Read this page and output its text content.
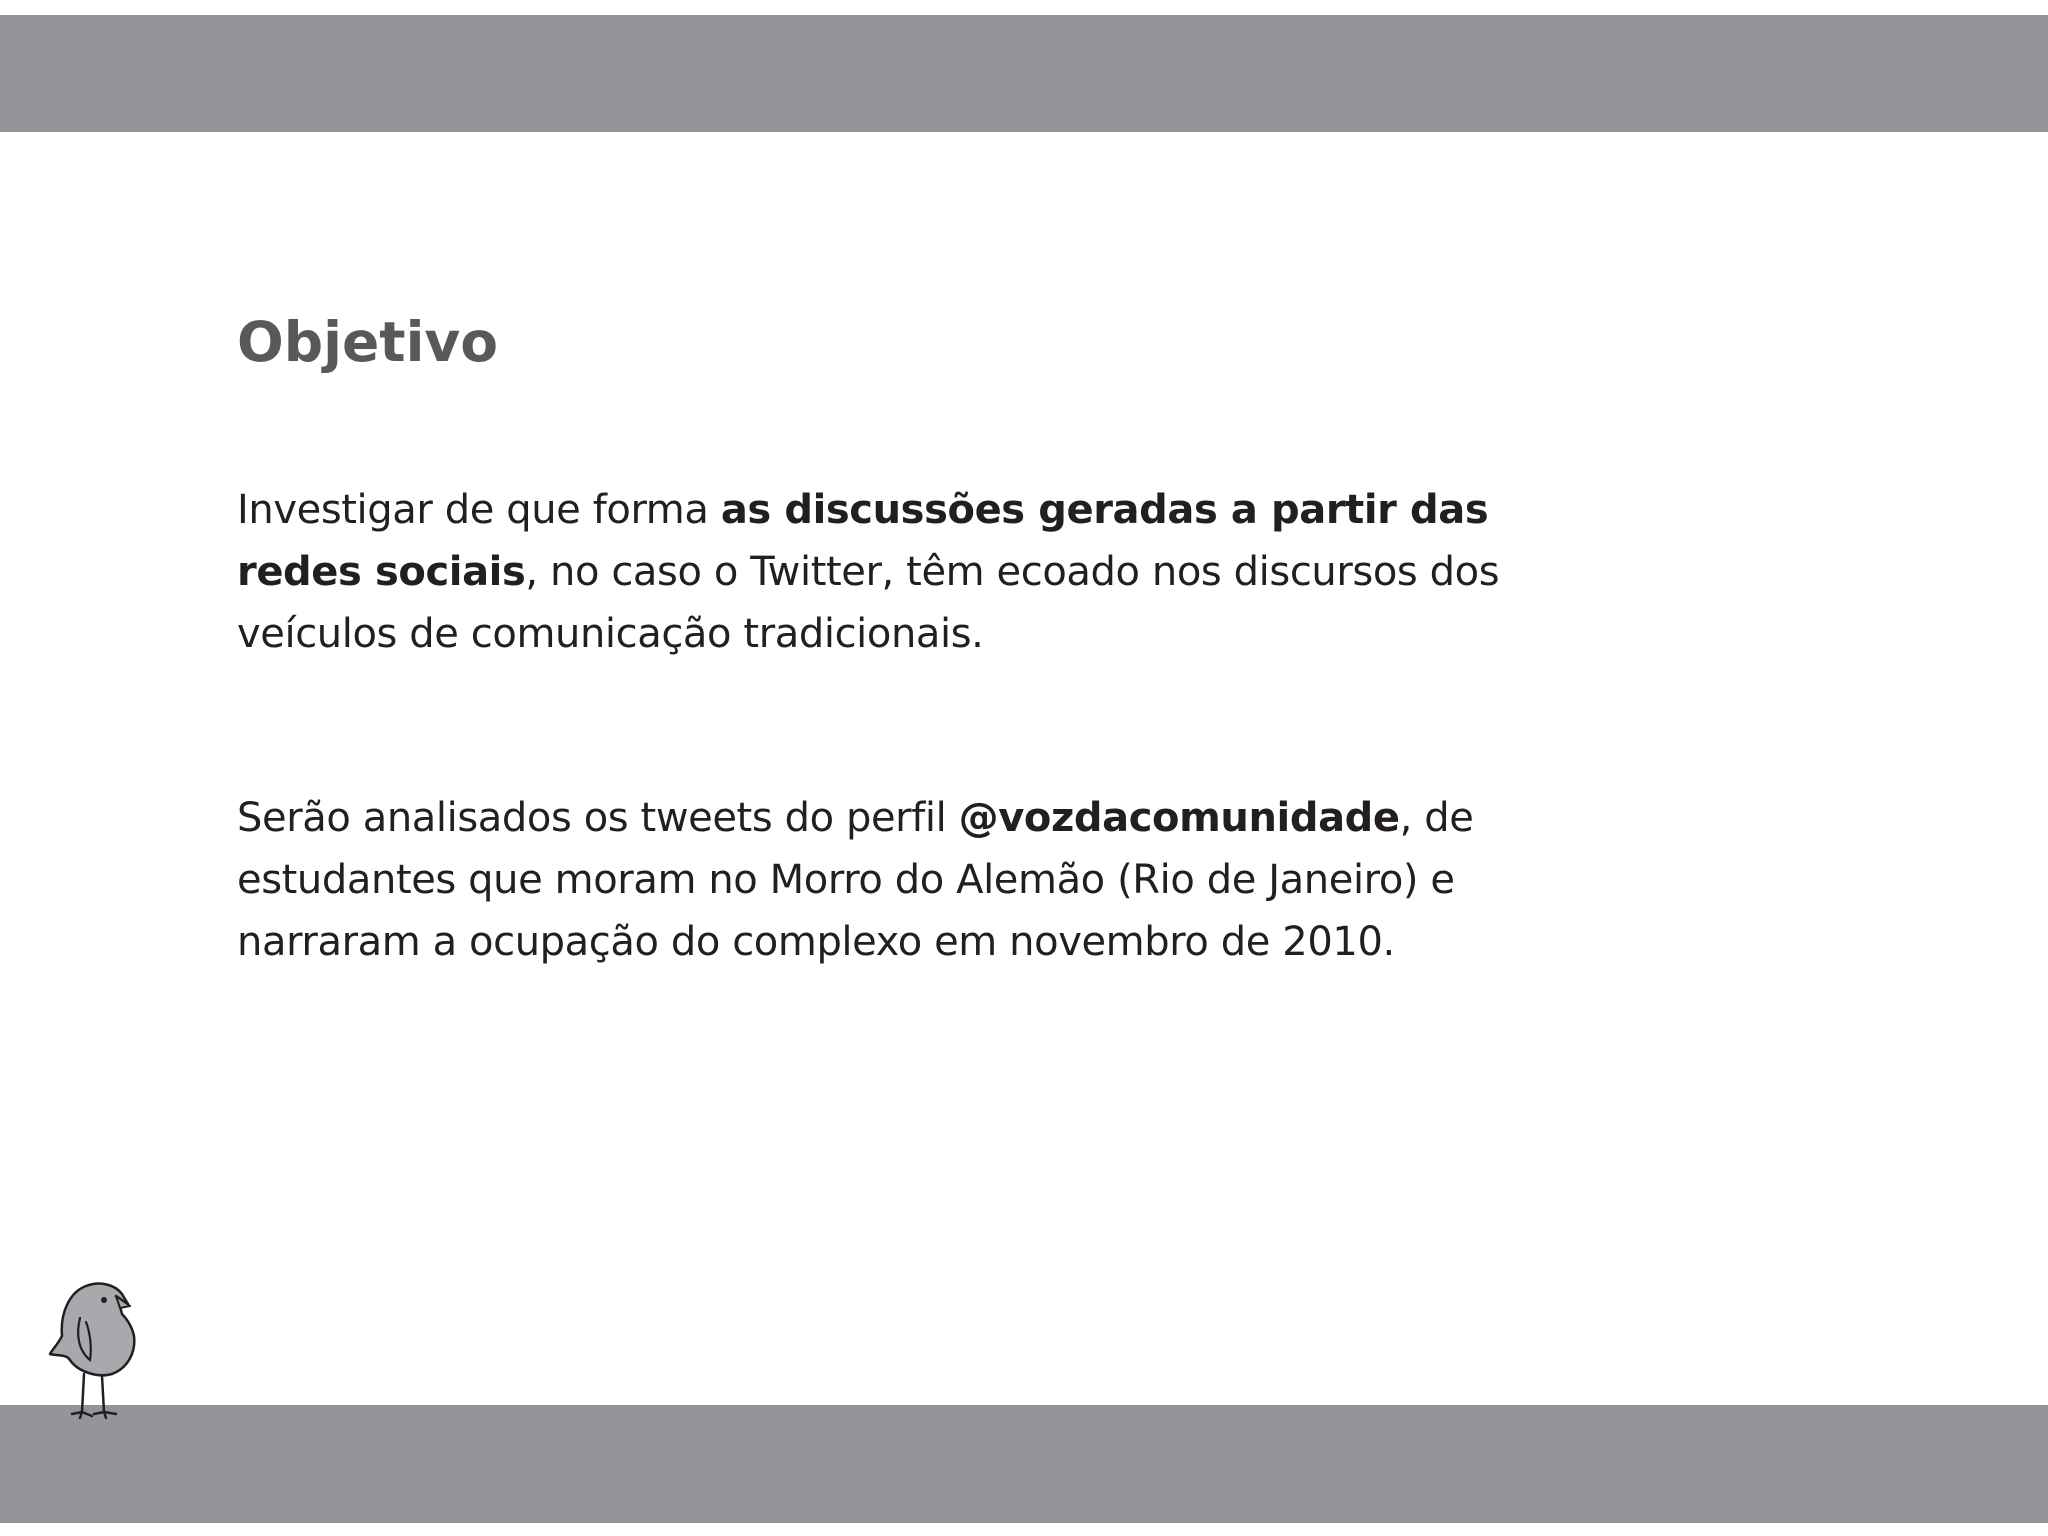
Objetivo

Investigar de que forma as discussões geradas a partir das redes sociais, no caso o Twitter, têm ecoado nos discursos dos veículos de comunicação tradicionais.

Serão analisados os tweets do perfil @vozdacomunidade, de estudantes que moram no Morro do Alemão (Rio de Janeiro) e narraram a ocupação do complexo em novembro de 2010.
